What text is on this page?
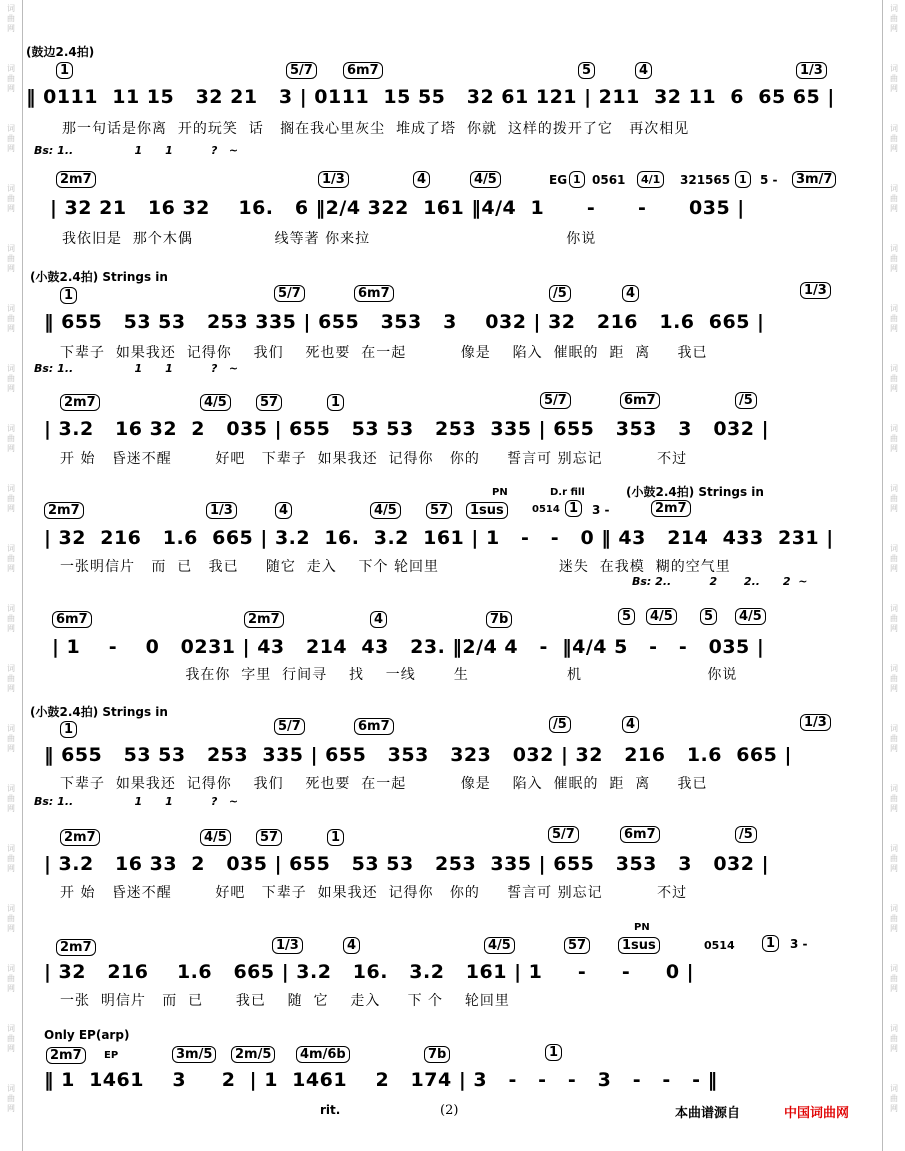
词
曲
网
词
曲
网
词
曲
网
词
曲
网
词
曲
网
词
曲
网
词
曲
网
词
曲
网
词
曲
网
词
曲
网
词
曲
网
词
曲
网
词
曲
网
词
曲
网
词
曲
网
词
曲
网
词
曲
网
词
曲
网
词
曲
网
词
曲
网
词
曲
网
词
曲
网
词
曲
网
词
曲
网
词
曲
网
词
曲
网
词
曲
网
词
曲
网
词
曲
网
词
曲
网
词
曲
网
词
曲
网
词
曲
网
词
曲
网
词
曲
网
词
曲
网
词
曲
网
词
曲
网
(鼓边2.4拍)
1	5/7	6m7	5	4	1/3
‖ 0111  11 15   32 21   3 | 0111  15 55   32 61 121 | 211  32 11  6  65 65 |
那一句话是你离  开的玩笑  话   搁在我心里灰尘  堆成了塔  你就  这样的拨开了它   再次相见
Bs: 1..                1      1          ?   ~
2m7	1/3	4	4/5	EG 1 0561	4/1	321565 1	5 -	3m/7
| 32 21   16 32    16.   6 ‖2/4 322  161 ‖4/4  1      -      -      035 |
我依旧是  那个木偶               线等著 你来拉                                    你说
(小鼓2.4拍) Strings in
1	5/7	6m7	/5	4	1/3
‖ 655   53 53   253 335 | 655   353   3    032 | 32   216   1.6  665 |
下辈子  如果我还  记得你    我们    死也要  在一起          像是    陷入  催眠的  距  离     我已
Bs: 1..                1      1          ?   ~
2m7	4/5	57	1	5/7	6m7	/5
| 3.2   16 32  2   035 | 655   53 53   253  335 | 655   353   3   032 |
开 始   昏迷不醒        好吧   下辈子  如果我还  记得你   你的     誓言可 别忘记          不过
2m7	1/3	4	4/5	57
PN
1sus	0514 1	3 -
D.r fill	(小鼓2.4拍) Strings in
2m7
| 32  216   1.6  665 | 3.2  16.  3.2  161 | 1   -   -   0 ‖ 43   214  433  231 |
一张明信片   而  已   我已     随它  走入    下个 轮回里                      迷失  在我模  糊的空气里
Bs: 2..          2       2..      2  ~
6m7	2m7	4	7b	5	4/5	5	4/5
| 1    -    0   0231 | 43   214  43   23. ‖2/4 4   -  ‖4/4 5   -   -   035 |
我在你  字里  行间寻    找    一线       生                  机                       你说
(小鼓2.4拍) Strings in
1	5/7	6m7	/5	4	1/3
‖ 655   53 53   253  335 | 655   353   323   032 | 32   216   1.6  665 |
下辈子  如果我还  记得你    我们    死也要  在一起          像是    陷入  催眠的  距  离     我已
Bs: 1..                1      1          ?   ~
2m7	4/5	57	1	5/7	6m7	/5
| 3.2   16 33  2   035 | 655   53 53   253  335 | 655   353   3   032 |
开 始   昏迷不醒        好吧   下辈子  如果我还  记得你   你的     誓言可 别忘记          不过
2m7	1/3	4	4/5	57
PN
1sus	0514	1	3 -
| 32   216    1.6   665 | 3.2   16.   3.2   161 | 1     -     -     0 |
一张  明信片   而  已      我已    随  它    走入     下 个    轮回里
Only EP(arp)
2m7	EP	3m/5	2m/5	4m/6b	7b	1
‖ 1  1461    3     2  | 1  1461    2   174 | 3   -   -   -   3   -   -   - ‖
rit.	(2)	本曲谱源自	中国词曲网
